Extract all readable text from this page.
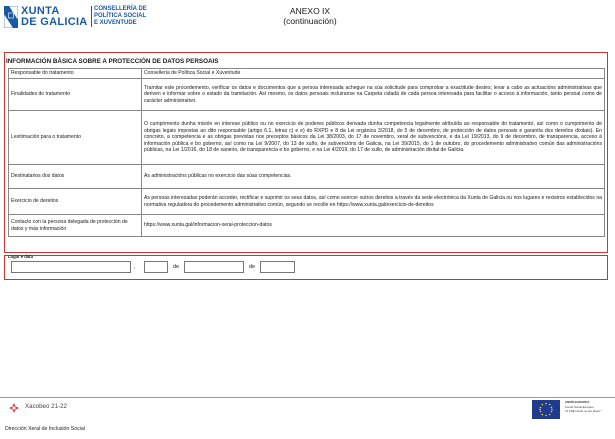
XUNTA
DE GALICIA
CONSELLERÍA DE
POLÍTICA SOCIAL
E XUVENTUDE
ANEXO IX
(continuación)
INFORMACIÓN BÁSICA SOBRE A PROTECCIÓN DE DATOS PERSOAIS
Responsable do tratamento	Consellería de Política Social e Xuventude
Finalidades do tratamento	Tramitar este procedemento, verificar os datos e documentos que a persoa interesada achegue na súa solicitude para comprobar a exactitude destes; levar a cabo as actuacións administrativas que deriven e informar sobre o estado da tramitación. Así mesmo, os datos persoais incluiranse na Carpeta cidadá de cada persoa interesada para facilitar o acceso á información, tanto persoal como de carácter administrativo.
Lexitimación para o tratamento	O cumprimento dunha misión en interese público ou no exercicio de poderes públicos derivada dunha competencia legalmente atribuída ao responsable do tratamento, así como o cumprimento de obrigas legais impostas ao dito responsable (artigo 6.1, letras c) e e) do RXPD e 8 da Lei orgánica 3/2018, do 5 de decembro, de protección de datos persoais e garantía dos dereitos dixitais). En concreto, a competencia e as obrigas previstas nos preceptos básicos da Lei 38/2003, do 17 de novembro, xeral de subvencións, e da Lei 19/2013, do 9 de decembro, de transparencia, acceso á información pública e bo goberno, así como na Lei 9/2007, do 13 de xuño, de subvencións de Galicia, na Lei 39/2015, do 1 de outubro, do procedemento administrativo común das administracións públicas, na Lei 1/2016, do 18 de xaneiro, de transparencia e bo goberno, e na Lei 4/2019, do 17 de xullo, de administración dixital de Galicia.
Destinatarios dos datos	As administracións públicas no exercicio das súas competencias.
Exercicio de dereitos	As persoas interesadas poderán acceder, rectificar e suprimir os seus datos, así como exercer outros dereitos a través da sede electrónica da Xunta de Galicia ou nos lugares e rexistros establecidos na normativa reguladora do procedemento administrativo común, segundo se recolle en https://www.xunta.gal/exercicio-de-dereitos
Contacto con la persona delegada de protección de datos y más información	https://www.xunta.gal/informacion-xeral-proteccion-datos
Lugar e data
,	de	de
Xacobeo 21-22
UNIÓN EUROPEA
Fondo Social Europeo
"O FSE invirte no teu futuro"
Dirección Xeral de Inclusión Social
